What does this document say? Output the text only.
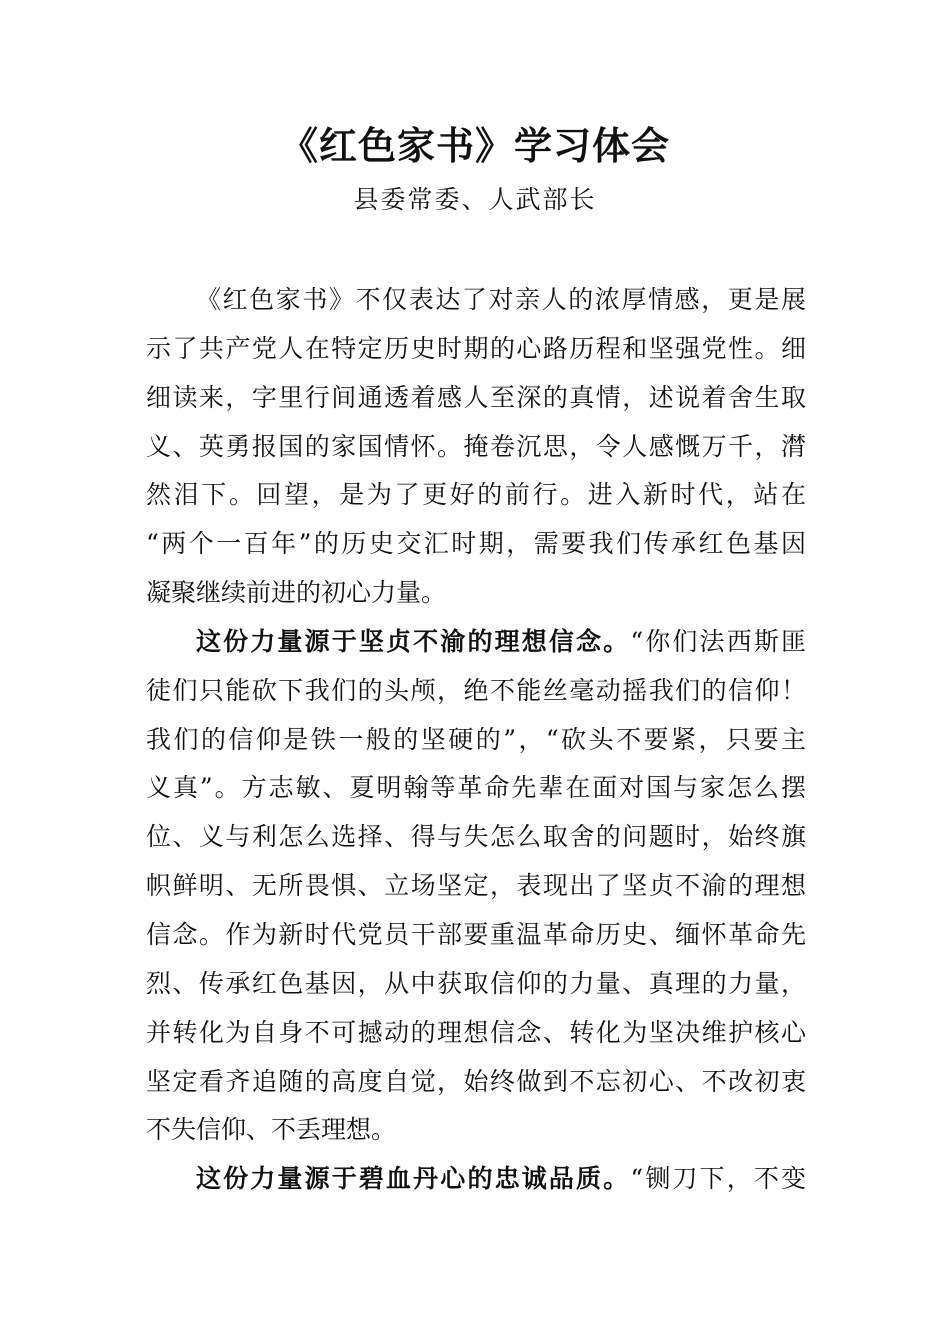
《红色家书》学习体会
县委常委、人武部长
《红色家书》不仅表达了对亲人的浓厚情感，更是展
示了共产党人在特定历史时期的心路历程和坚强党性。细
细读来，字里行间通透着感人至深的真情，述说着舍生取
义、英勇报国的家国情怀。掩卷沉思，令人感慨万千，潸
然泪下。回望，是为了更好的前行。进入新时代，站在
“两个一百年”的历史交汇时期，需要我们传承红色基因
凝聚继续前进的初心力量。
这份力量源于坚贞不渝的理想信念。“你们法西斯匪
徒们只能砍下我们的头颅，绝不能丝毫动摇我们的信仰！
我们的信仰是铁一般的坚硬的”，“砍头不要紧，只要主
义真”。方志敏、夏明翰等革命先辈在面对国与家怎么摆
位、义与利怎么选择、得与失怎么取舍的问题时，始终旗
帜鲜明、无所畏惧、立场坚定，表现出了坚贞不渝的理想
信念。作为新时代党员干部要重温革命历史、缅怀革命先
烈、传承红色基因，从中获取信仰的力量、真理的力量，
并转化为自身不可撼动的理想信念、转化为坚决维护核心
坚定看齐追随的高度自觉，始终做到不忘初心、不改初衷
不失信仰、不丢理想。
这份力量源于碧血丹心的忠诚品质。“铡刀下，不变
